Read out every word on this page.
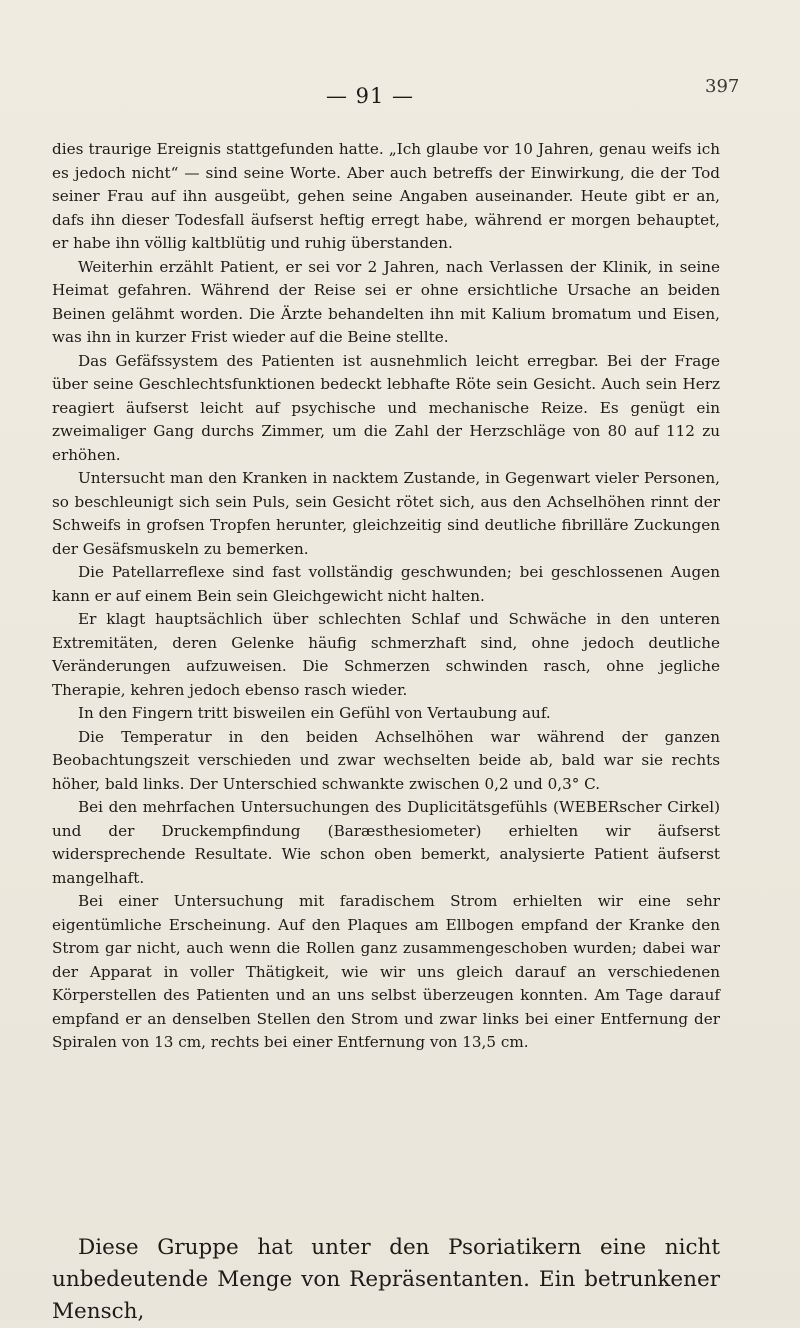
— 91 —	397

dies traurige Ereignis stattgefunden hatte. „Ich glaube vor 10 Jahren, genau weifs ich es jedoch nicht“ — sind seine Worte. Aber auch betreffs der Einwirkung, die der Tod seiner Frau auf ihn ausgeübt, gehen seine Angaben auseinander. Heute gibt er an, dafs ihn dieser Todesfall äufserst heftig erregt habe, während er morgen behauptet, er habe ihn völlig kaltblütig und ruhig überstanden.

Weiterhin erzählt Patient, er sei vor 2 Jahren, nach Verlassen der Klinik, in seine Heimat gefahren. Während der Reise sei er ohne ersichtliche Ursache an beiden Beinen gelähmt worden. Die Ärzte behandelten ihn mit Kalium bromatum und Eisen, was ihn in kurzer Frist wieder auf die Beine stellte.

Das Gefäfssystem des Patienten ist ausnehmlich leicht erregbar. Bei der Frage über seine Geschlechtsfunktionen bedeckt lebhafte Röte sein Gesicht. Auch sein Herz reagiert äufserst leicht auf psychische und mechanische Reize. Es genügt ein zweimaliger Gang durchs Zimmer, um die Zahl der Herzschläge von 80 auf 112 zu erhöhen.

Untersucht man den Kranken in nacktem Zustande, in Gegenwart vieler Personen, so beschleunigt sich sein Puls, sein Gesicht rötet sich, aus den Achselhöhen rinnt der Schweifs in grofsen Tropfen herunter, gleichzeitig sind deutliche fibrilläre Zuckungen der Gesäfsmuskeln zu bemerken.

Die Patellarreflexe sind fast vollständig geschwunden; bei geschlossenen Augen kann er auf einem Bein sein Gleichgewicht nicht halten.

Er klagt hauptsächlich über schlechten Schlaf und Schwäche in den unteren Extremitäten, deren Gelenke häufig schmerzhaft sind, ohne jedoch deutliche Veränderungen aufzuweisen. Die Schmerzen schwinden rasch, ohne jegliche Therapie, kehren jedoch ebenso rasch wieder.

In den Fingern tritt bisweilen ein Gefühl von Vertaubung auf.

Die Temperatur in den beiden Achselhöhen war während der ganzen Beobachtungszeit verschieden und zwar wechselten beide ab, bald war sie rechts höher, bald links. Der Unterschied schwankte zwischen 0,2 und 0,3° C.

Bei den mehrfachen Untersuchungen des Duplicitätsgefühls (WEBERscher Cirkel) und der Druckempfindung (Baræsthesiometer) erhielten wir äufserst widersprechende Resultate. Wie schon oben bemerkt, analysierte Patient äufserst mangelhaft.

Bei einer Untersuchung mit faradischem Strom erhielten wir eine sehr eigentümliche Erscheinung. Auf den Plaques am Ellbogen empfand der Kranke den Strom gar nicht, auch wenn die Rollen ganz zusammengeschoben wurden; dabei war der Apparat in voller Thätigkeit, wie wir uns gleich darauf an verschiedenen Körperstellen des Patienten und an uns selbst überzeugen konnten. Am Tage darauf empfand er an denselben Stellen den Strom und zwar links bei einer Entfernung der Spiralen von 13 cm, rechts bei einer Entfernung von 13,5 cm.

Diese Gruppe hat unter den Psoriatikern eine nicht unbedeutende Menge von Repräsentanten. Ein betrunkener Mensch,
